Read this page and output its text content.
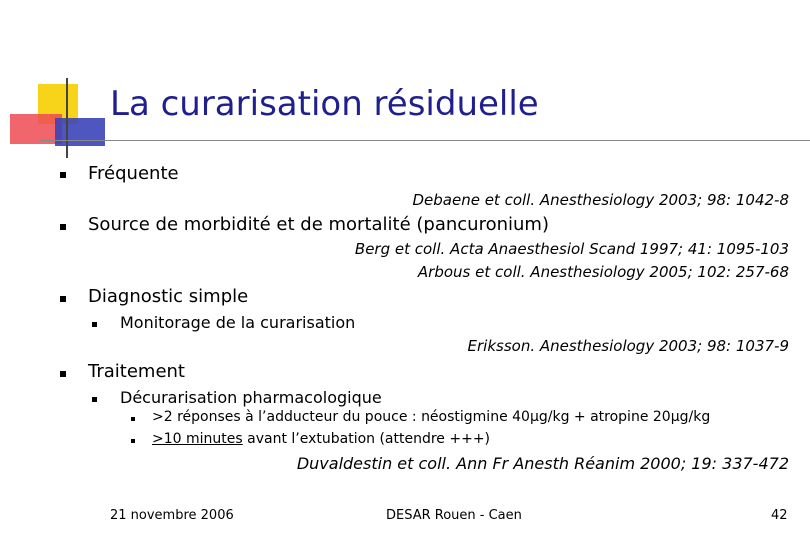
La curarisation résiduelle
Fréquente
Debaene et coll. Anesthesiology 2003; 98: 1042-8
Source de morbidité et de mortalité (pancuronium)
Berg et coll. Acta Anaesthesiol Scand 1997; 41: 1095-103
Arbous et coll. Anesthesiology 2005; 102: 257-68
Diagnostic simple
Monitorage de la curarisation
Eriksson. Anesthesiology 2003; 98: 1037-9
Traitement
Décurarisation pharmacologique
>2 réponses à l’adducteur du pouce : néostigmine 40µg/kg + atropine 20µg/kg
>10 minutes avant l’extubation (attendre +++)
Duvaldestin et coll. Ann Fr Anesth Réanim 2000; 19: 337-472
21 novembre 2006	DESAR Rouen - Caen	42
